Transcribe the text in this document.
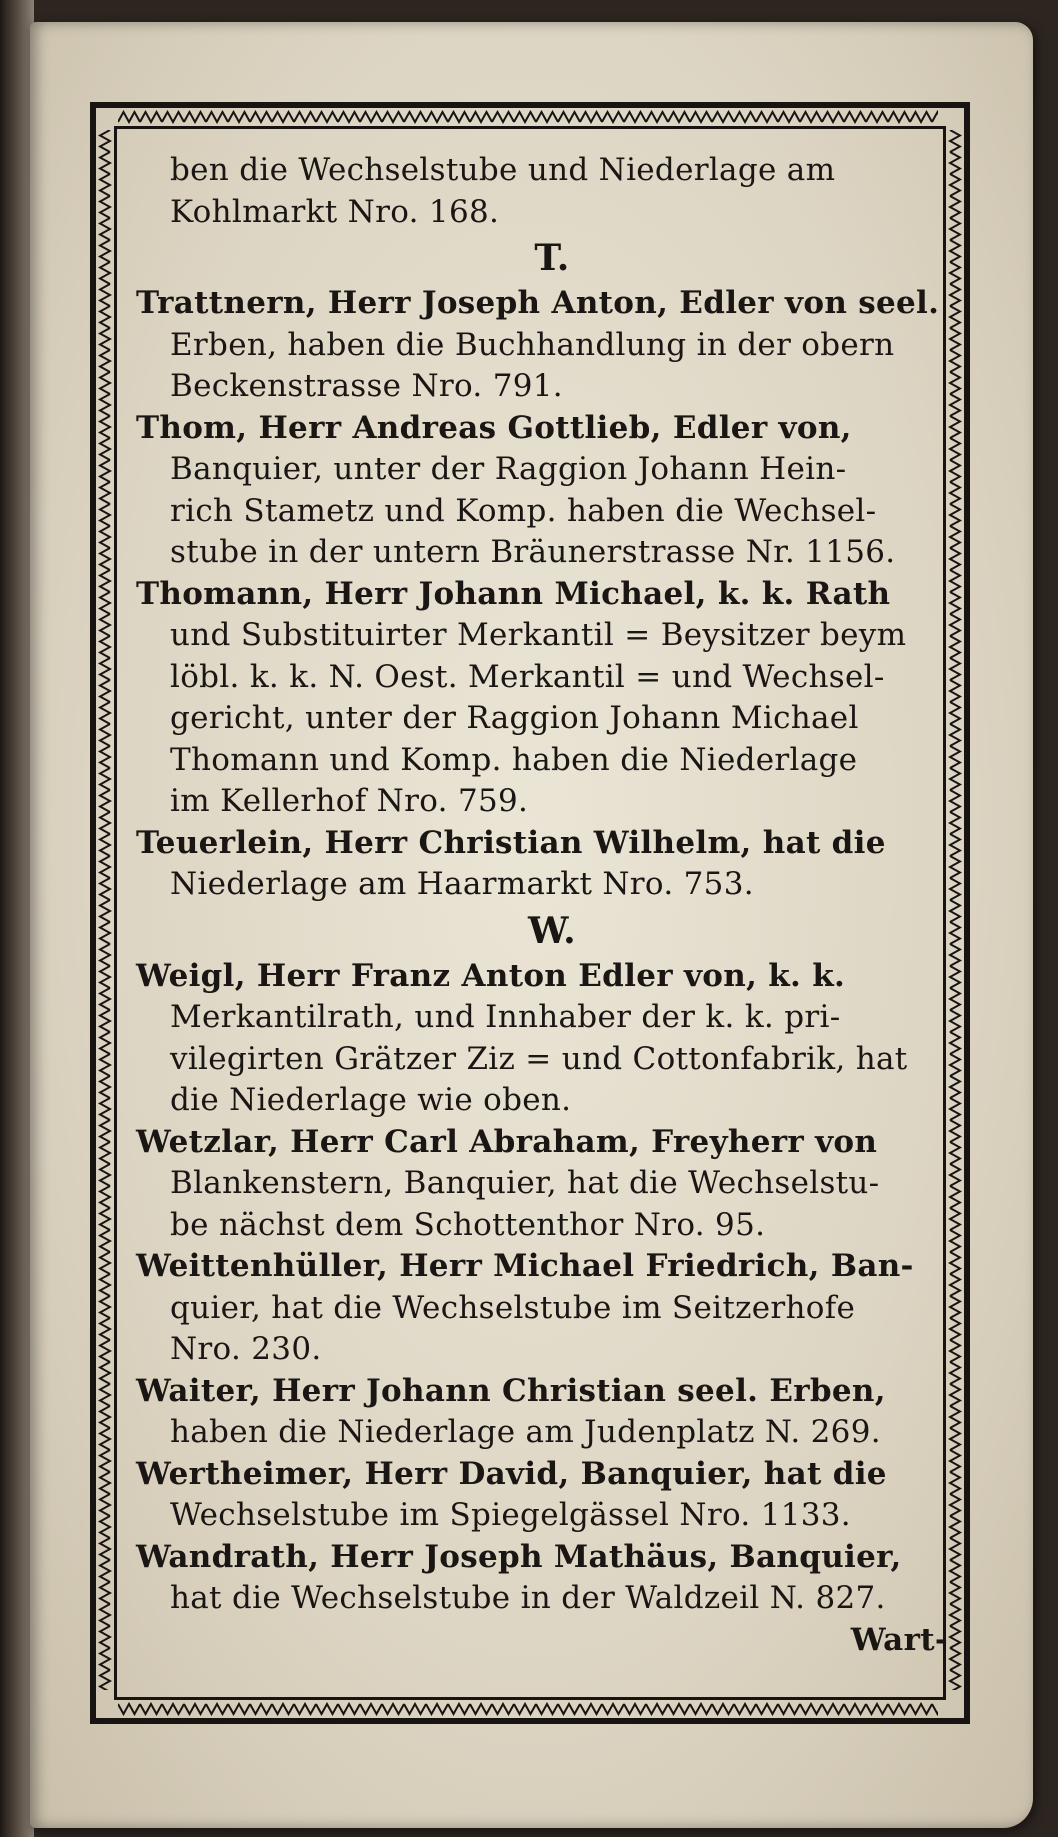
ben die Wechselstube und Niederlage am
Kohlmarkt Nro. 168.
T.
Trattnern, Herr Joseph Anton, Edler von seel.
Erben, haben die Buchhandlung in der obern
Beckenstrasse Nro. 791.
Thom, Herr Andreas Gottlieb, Edler von,
Banquier, unter der Raggion Johann Hein-
rich Stametz und Komp. haben die Wechsel-
stube in der untern Bräunerstrasse Nr. 1156.
Thomann, Herr Johann Michael, k. k. Rath
und Substituirter Merkantil = Beysitzer beym
löbl. k. k. N. Oest. Merkantil = und Wechsel-
gericht, unter der Raggion Johann Michael
Thomann und Komp. haben die Niederlage
im Kellerhof Nro. 759.
Teuerlein, Herr Christian Wilhelm, hat die
Niederlage am Haarmarkt Nro. 753.
W.
Weigl, Herr Franz Anton Edler von, k. k.
Merkantilrath, und Innhaber der k. k. pri-
vilegirten Grätzer Ziz = und Cottonfabrik, hat
die Niederlage wie oben.
Wetzlar, Herr Carl Abraham, Freyherr von
Blankenstern, Banquier, hat die Wechselstu-
be nächst dem Schottenthor Nro. 95.
Weittenhüller, Herr Michael Friedrich, Ban-
quier, hat die Wechselstube im Seitzerhofe
Nro. 230.
Waiter, Herr Johann Christian seel. Erben,
haben die Niederlage am Judenplatz N. 269.
Wertheimer, Herr David, Banquier, hat die
Wechselstube im Spiegelgässel Nro. 1133.
Wandrath, Herr Joseph Mathäus, Banquier,
hat die Wechselstube in der Waldzeil N. 827.
Wart-
